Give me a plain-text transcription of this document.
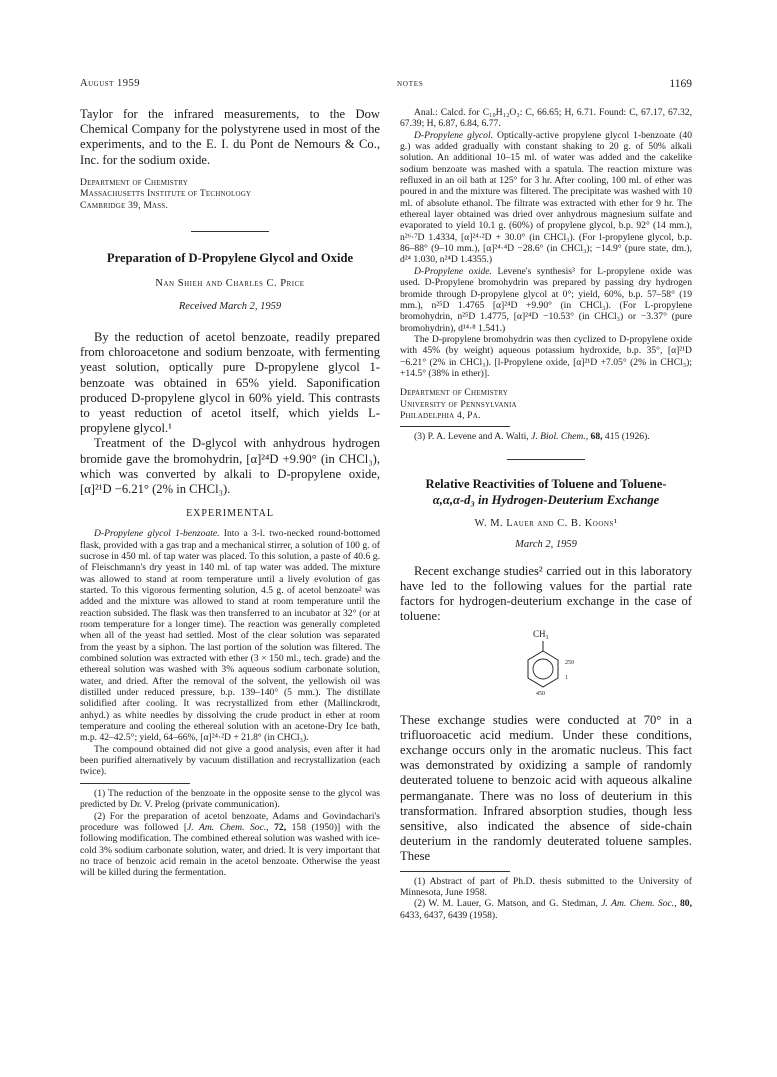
August 1959	notes	1169

Taylor for the infrared measurements, to the Dow Chemical Company for the polystyrene used in most of the experiments, and to the E. I. du Pont de Nemours & Co., Inc. for the sodium oxide.

Department of Chemistry
Massachusetts Institute of Technology
Cambridge 39, Mass.
Preparation of D-Propylene Glycol and Oxide
Nan Shieh and Charles C. Price
Received March 2, 1959

By the reduction of acetol benzoate, readily prepared from chloroacetone and sodium benzoate, with fermenting yeast solution, optically pure D-propylene glycol 1-benzoate was obtained in 65% yield. Saponification produced D-propylene glycol in 60% yield. This contrasts to yeast reduction of acetol itself, which yields L-propylene glycol.¹

Treatment of the D-glycol with anhydrous hydrogen bromide gave the bromohydrin, [α]²⁴D +9.90° (in CHCl₃), which was converted by alkali to D-propylene oxide, [α]²¹D −6.21° (2% in CHCl₃).

EXPERIMENTAL

D-Propylene glycol 1-benzoate. Into a 3-l. two-necked round-bottomed flask, provided with a gas trap and a mechanical stirrer, a solution of 100 g. of sucrose in 450 ml. of tap water was placed. To this solution, a paste of 40.6 g. of Fleischmann's dry yeast in 140 ml. of tap water was added. The mixture was allowed to stand at room temperature until a lively evolution of gas started. To this vigorous fermenting solution, 4.5 g. of acetol benzoate² was added and the mixture was allowed to stand at room temperature until the reaction subsided. The flask was then transferred to an incubator at 32° (or at room temperature for a longer time). The reaction was generally completed when all of the yeast had settled. Most of the clear solution was separated from the yeast by a siphon. The last portion of the solution was filtered. The combined solution was extracted with ether (3 × 150 ml., tech. grade) and the ethereal solution was washed with 3% aqueous sodium carbonate solution, water, and dried. After the removal of the solvent, the yellowish oil was distilled under reduced pressure, b.p. 139–140° (5 mm.). The distillate solidified after cooling. It was recrystallized from ether (Mallinckrodt, anhyd.) as white needles by dissolving the crude product in ether at room temperature and cooling the ethereal solution with an acetone-Dry Ice bath, m.p. 42–42.5°; yield, 64–66%, [α]²⁴·²D + 21.8° (in CHCl₃).

The compound obtained did not give a good analysis, even after it had been purified alternatively by vacuum distillation and recrystallization (each twice).

(1) The reduction of the benzoate in the opposite sense to the glycol was predicted by Dr. V. Prelog (private communication).

(2) For the preparation of acetol benzoate, Adams and Govindachari's procedure was followed [J. Am. Chem. Soc., 72, 158 (1950)] with the following modification. The combined ethereal solution was washed with ice-cold 3% sodium carbonate solution, water, and dried. It is very important that no trace of benzoic acid remain in the acetol benzoate. Otherwise the yeast will be killed during the fermentation.

Anal.: Calcd. for C₁₀H₁₂O₃: C, 66.65; H, 6.71. Found: C, 67.17, 67.32, 67.39; H, 6.87, 6.84, 6.77.

D-Propylene glycol. Optically-active propylene glycol 1-benzoate (40 g.) was added gradually with constant shaking to 20 g. of 50% alkali solution. An additional 10–15 ml. of water was added and the cakelike sodium benzoate was mashed with a spatula. The reaction mixture was refluxed in an oil bath at 125° for 3 hr. After cooling, 100 ml. of ether was poured in and the mixture was filtered. The precipitate was washed with 10 ml. of absolute ethanol. The filtrate was extracted with ether for 9 hr. The ethereal layer obtained was dried over anhydrous magnesium sulfate and evaporated to yield 10.1 g. (60%) of propylene glycol, b.p. 92° (14 mm.), n²⁶·⁷D 1.4334, [α]²⁴·²D + 30.0° (in CHCl₃). (For l-propylene glycol, b.p. 86–88° (9–10 mm.), [α]²⁴·⁴D −28.6° (in CHCl₃); −14.9° (pure state, dm.), d²⁴ 1.030, n²⁴D 1.4355.)

D-Propylene oxide. Levene's synthesis³ for L-propylene oxide was used. D-Propylene bromohydrin was prepared by passing dry hydrogen bromide through D-propylene glycol at 0°; yield, 60%, b.p. 57–58° (19 mm.), n²⁵D 1.4765 [α]²⁴D +9.90° (in CHCl₃). (For L-propylene bromohydrin, n²⁵D 1.4775, [α]²⁴D −10.53° (in CHCl₃) or −3.37° (pure bromohydrin), d¹⁴·⁸ 1.541.)

The D-propylene bromohydrin was then cyclized to D-propylene oxide with 45% (by weight) aqueous potassium hydroxide, b.p. 35°, [α]²¹D −6.21° (2% in CHCl₃). [l-Propylene oxide, [α]²¹D +7.05° (2% in CHCl₃); +14.5° (38% in ether)].

Department of Chemistry
University of Pennsylvania
Philadelphia 4, Pa.

(3) P. A. Levene and A. Walti, J. Biol. Chem., 68, 415 (1926).

Relative Reactivities of Toluene and Toluene-
α,α,α-d₃ in Hydrogen-Deuterium Exchange
W. M. Lauer and C. B. Koons¹
March 2, 1959

Recent exchange studies² carried out in this laboratory have led to the following values for the partial rate factors for hydrogen-deuterium exchange in the case of toluene:

CH₃
250
1
450

These exchange studies were conducted at 70° in a trifluoroacetic acid medium. Under these conditions, exchange occurs only in the aromatic nucleus. This fact was demonstrated by oxidizing a sample of randomly deuterated toluene to benzoic acid with aqueous alkaline permanganate. There was no loss of deuterium in this transformation. Infrared absorption studies, though less sensitive, also indicated the absence of side-chain deuterium in the randomly deuterated toluene samples. These

(1) Abstract of part of Ph.D. thesis submitted to the University of Minnesota, June 1958.

(2) W. M. Lauer, G. Matson, and G. Stedman, J. Am. Chem. Soc., 80, 6433, 6437, 6439 (1958).
